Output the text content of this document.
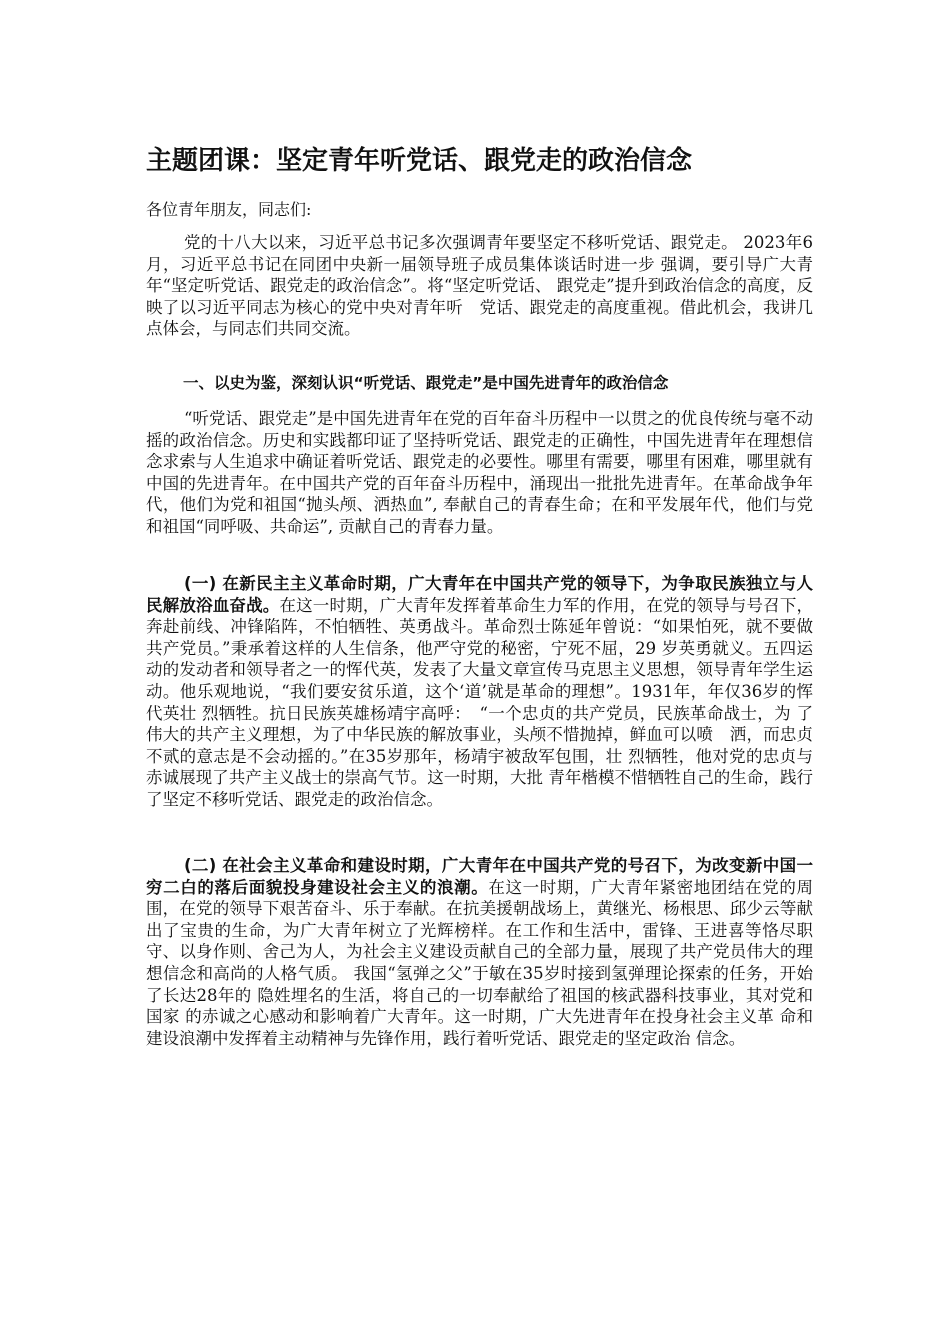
主题团课：坚定青年听党话、跟党走的政治信念

各位青年朋友，同志们:

党的十八大以来，习近平总书记多次强调青年要坚定不移听党话、跟党走。 2023年6月，习近平总书记在同团中央新一届领导班子成员集体谈话时进一步 强调，要引导广大青年“坚定听党话、跟党走的政治信念”。将“坚定听党话、 跟党走”提升到政治信念的高度，反映了以习近平同志为核心的党中央对青年听　党话、跟党走的高度重视。借此机会，我讲几点体会，与同志们共同交流。

一、以史为鉴，深刻认识“听党话、跟党走”是中国先进青年的政治信念

“听党话、跟党走”是中国先进青年在党的百年奋斗历程中一以贯之的优良传统与毫不动摇的政治信念。历史和实践都印证了坚持听党话、跟党走的正确性，中国先进青年在理想信念求索与人生追求中确证着听党话、跟党走的必要性。哪里有需要，哪里有困难，哪里就有中国的先进青年。在中国共产党的百年奋斗历程中，涌现出一批批先进青年。在革命战争年代，他们为党和祖国“抛头颅、洒热血”, 奉献自己的青春生命；在和平发展年代，他们与党和祖国“同呼吸、共命运”, 贡献自己的青春力量。

(一) 在新民主主义革命时期，广大青年在中国共产党的领导下，为争取民族独立与人民解放浴血奋战。在这一时期，广大青年发挥着革命生力军的作用，在党的领导与号召下，奔赴前线、冲锋陷阵，不怕牺牲、英勇战斗。革命烈士陈延年曾说：“如果怕死，就不要做共产党员。”秉承着这样的人生信条，他严守党的秘密，宁死不屈，29 岁英勇就义。五四运动的发动者和领导者之一的恽代英，发表了大量文章宣传马克思主义思想，领导青年学生运动。他乐观地说，“我们要安贫乐道，这个‘道’就是革命的理想”。1931年，年仅36岁的恽代英壮 烈牺牲。抗日民族英雄杨靖宇高呼：　“一个忠贞的共产党员，民族革命战士，为 了伟大的共产主义理想，为了中华民族的解放事业，头颅不惜抛掉，鲜血可以喷　洒，而忠贞不贰的意志是不会动摇的。”在35岁那年，杨靖宇被敌军包围，壮 烈牺牲，他对党的忠贞与赤诚展现了共产主义战士的崇高气节。这一时期，大批 青年楷模不惜牺牲自己的生命，践行了坚定不移听党话、跟党走的政治信念。

(二) 在社会主义革命和建设时期，广大青年在中国共产党的号召下，为改变新中国一穷二白的落后面貌投身建设社会主义的浪潮。在这一时期，广大青年紧密地团结在党的周围，在党的领导下艰苦奋斗、乐于奉献。在抗美援朝战场上，黄继光、杨根思、邱少云等献出了宝贵的生命，为广大青年树立了光辉榜样。在工作和生活中，雷锋、王进喜等恪尽职守、以身作则、舍己为人，为社会主义建设贡献自己的全部力量，展现了共产党员伟大的理想信念和高尚的人格气质。 我国“氢弹之父”于敏在35岁时接到氢弹理论探索的任务，开始了长达28年的 隐姓埋名的生活，将自己的一切奉献给了祖国的核武器科技事业，其对党和国家 的赤诚之心感动和影响着广大青年。这一时期，广大先进青年在投身社会主义革 命和建设浪潮中发挥着主动精神与先锋作用，践行着听党话、跟党走的坚定政治 信念。
